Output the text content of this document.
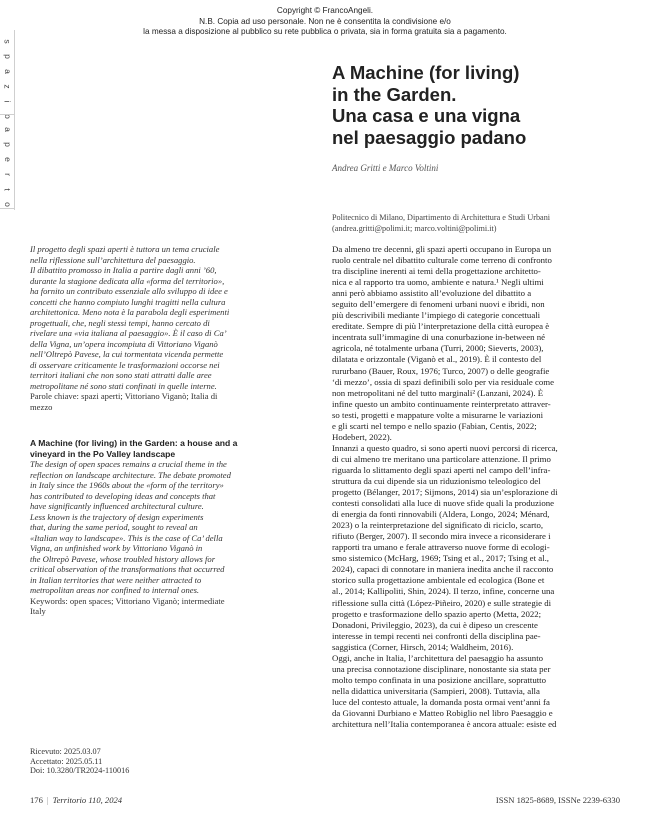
Copyright © FrancoAngeli.
N.B. Copia ad uso personale. Non ne è consentita la condivisione e/o
la messa a disposizione al pubblico su rete pubblica o privata, sia in forma gratuita sia a pagamento.
s
p
a
z
i
o
a
p
e
r
t
o
A Machine (for living)
in the Garden.
Una casa e una vigna
nel paesaggio padano
Andrea Gritti e Marco Voltini
Politecnico di Milano, Dipartimento di Architettura e Studi Urbani
(andrea.gritti@polimi.it; marco.voltini@polimi.it)
Il progetto degli spazi aperti è tuttora un tema cruciale
nella riflessione sull’architettura del paesaggio.
Il dibattito promosso in Italia a partire dagli anni ’60,
durante la stagione dedicata alla «forma del territorio»,
ha fornito un contributo essenziale allo sviluppo di idee e
concetti che hanno compiuto lunghi tragitti nella cultura
architettonica. Meno nota è la parabola degli esperimenti
progettuali, che, negli stessi tempi, hanno cercato di
rivelare una «via italiana al paesaggio». È il caso di Ca’
della Vigna, un’opera incompiuta di Vittoriano Viganò
nell’Oltrepò Pavese, la cui tormentata vicenda permette
di osservare criticamente le trasformazioni occorse nei
territori italiani che non sono stati attratti dalle aree
metropolitane né sono stati confinati in quelle interne.
Parole chiave: spazi aperti; Vittoriano Viganò; Italia di
mezzo
A Machine (for living) in the Garden: a house and a
vineyard in the Po Valley landscape
The design of open spaces remains a crucial theme in the
reflection on landscape architecture. The debate promoted
in Italy since the 1960s about the «form of the territory»
has contributed to developing ideas and concepts that
have significantly influenced architectural culture.
Less known is the trajectory of design experiments
that, during the same period, sought to reveal an
«Italian way to landscape». This is the case of Ca’ della
Vigna, an unfinished work by Vittoriano Viganò in
the Oltrepò Pavese, whose troubled history allows for
critical observation of the transformations that occurred
in Italian territories that were neither attracted to
metropolitan areas nor confined to internal ones.
Keywords: open spaces; Vittoriano Viganò; intermediate
Italy
Ricevuto: 2025.03.07
Accettato: 2025.05.11
Doi: 10.3280/TR2024-110016
Da almeno tre decenni, gli spazi aperti occupano in Europa un
ruolo centrale nel dibattito culturale come terreno di confronto
tra discipline inerenti ai temi della progettazione architetto-
nica e al rapporto tra uomo, ambiente e natura.¹ Negli ultimi
anni però abbiamo assistito all’evoluzione del dibattito a
seguito dell’emergere di fenomeni urbani nuovi e ibridi, non
più descrivibili mediante l’impiego di categorie concettuali
ereditate. Sempre di più l’interpretazione della città europea è
incentrata sull’immagine di una conurbazione in-between né
agricola, né totalmente urbana (Turri, 2000; Sieverts, 2003),
dilatata e orizzontale (Viganò et al., 2019). È il contesto del
rururbano (Bauer, Roux, 1976; Turco, 2007) o delle geografie
‘di mezzo’, ossia di spazi definibili solo per via residuale come
non metropolitani né del tutto marginali² (Lanzani, 2024). È
infine questo un ambito continuamente reinterpretato attraver-
so testi, progetti e mappature volte a misurarne le variazioni
e gli scarti nel tempo e nello spazio (Fabian, Centis, 2022;
Hodebert, 2022).
Innanzi a questo quadro, si sono aperti nuovi percorsi di ricerca,
di cui almeno tre meritano una particolare attenzione. Il primo
riguarda lo slittamento degli spazi aperti nel campo dell’infra-
struttura da cui dipende sia un riduzionismo teleologico del
progetto (Bélanger, 2017; Sijmons, 2014) sia un’esplorazione di
contesti consolidati alla luce di nuove sfide quali la produzione
di energia da fonti rinnovabili (Aldera, Longo, 2024; Ménard,
2023) o la reinterpretazione del significato di riciclo, scarto,
rifiuto (Berger, 2007). Il secondo mira invece a riconsiderare i
rapporti tra umano e ferale attraverso nuove forme di ecologi-
smo sistemico (McHarg, 1969; Tsing et al., 2017; Tsing et al.,
2024), capaci di connotare in maniera inedita anche il racconto
storico sulla progettazione ambientale ed ecologica (Bone et
al., 2014; Kallipoliti, Shin, 2024). Il terzo, infine, concerne una
riflessione sulla città (López-Piñeiro, 2020) e sulle strategie di
progetto e trasformazione dello spazio aperto (Metta, 2022;
Donadoni, Privileggio, 2023), da cui è dipeso un crescente
interesse in tempi recenti nei confronti della disciplina pae-
saggistica (Corner, Hirsch, 2014; Waldheim, 2016).
Oggi, anche in Italia, l’architettura del paesaggio ha assunto
una precisa connotazione disciplinare, nonostante sia stata per
molto tempo confinata in una posizione ancillare, soprattutto
nella didattica universitaria (Sampieri, 2008). Tuttavia, alla
luce del contesto attuale, la domanda posta ormai vent’anni fa
da Giovanni Durbiano e Matteo Robiglio nel libro Paesaggio e
architettura nell’Italia contemporanea è ancora attuale: esiste ed
176 | Territorio 110, 2024	ISSN 1825-8689, ISSNe 2239-6330
